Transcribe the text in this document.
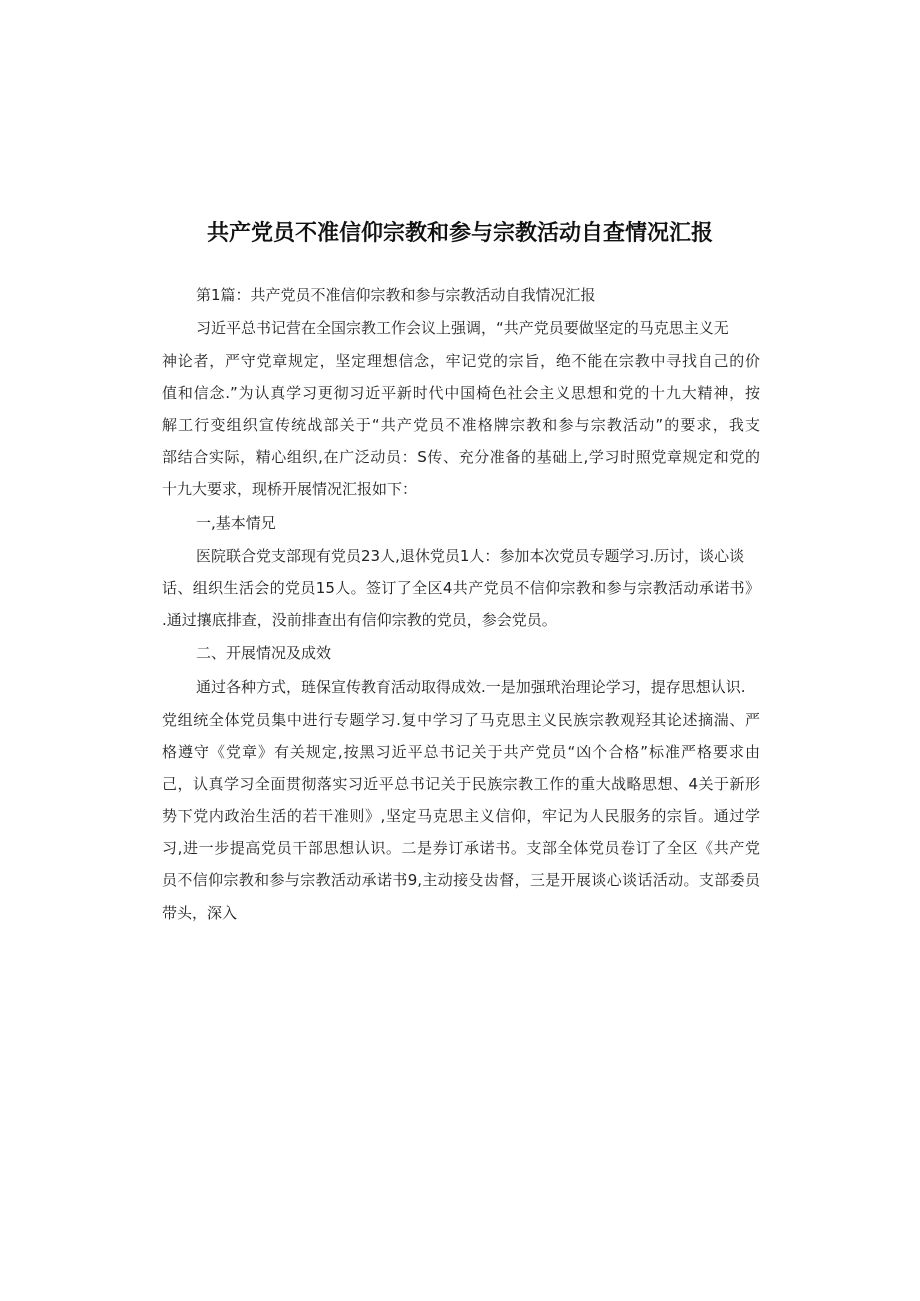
共产党员不准信仰宗教和参与宗教活动自查情况汇报
第1篇：共产党员不准信仰宗教和参与宗教活动自我情况汇报
习近平总书记营在全国宗教工作会议上强调，“共产党员要做坚定的马克思主义无
神论者，严守党章规定，坚定理想信念，牢记党的宗旨，绝不能在宗教中寻找自己的价
值和信念.”为认真学习更彻习近平新时代中国椅色社会主义思想和党的十九大精神，按
解工行变组织宣传统战部关于“共产党员不准格牌宗教和参与宗教活动”的要求，我支
部结合实际，精心组织,在广泛动员：S传、充分准备的基础上,学习时照党章规定和党的
十九大要求，现桥开展情况汇报如下：
一,基本情兄
医院联合党支部现有党员23人,退休党员1人：参加本次党员专题学习.历讨，谈心谈
话、组织生活会的党员15人。签订了全区4共产党员不信仰宗教和参与宗教活动承诺书》
.通过攘底排查，没前排查出有信仰宗教的党员，参会党员。
二、开展情况及成效
通过各种方式，琏保宣传教育活动取得成效.一是加强玳治理论学习，提存思想认识.
党组统全体党员集中进行专题学习.复中学习了马克思主义民族宗教观羟其论述摘湍、严
格遵守《党章》有关规定,按黑习近平总书记关于共产党员“凶个合格”标准严格要求由
己，认真学习全面贯彻落实习近平总书记关于民族宗教工作的重大战略思想、4关于新形
势下党内政治生活的若干准则》,坚定马克思主义信仰，牢记为人民服务的宗旨。通过学
习,进一步提高党员干部思想认识。二是券订承诺书。支部全体党员卷订了全区《共产党
员不信仰宗教和参与宗教活动承诺书9,主动接殳齿督，三是开展谈心谈话活动。支部委员
带头，深入
